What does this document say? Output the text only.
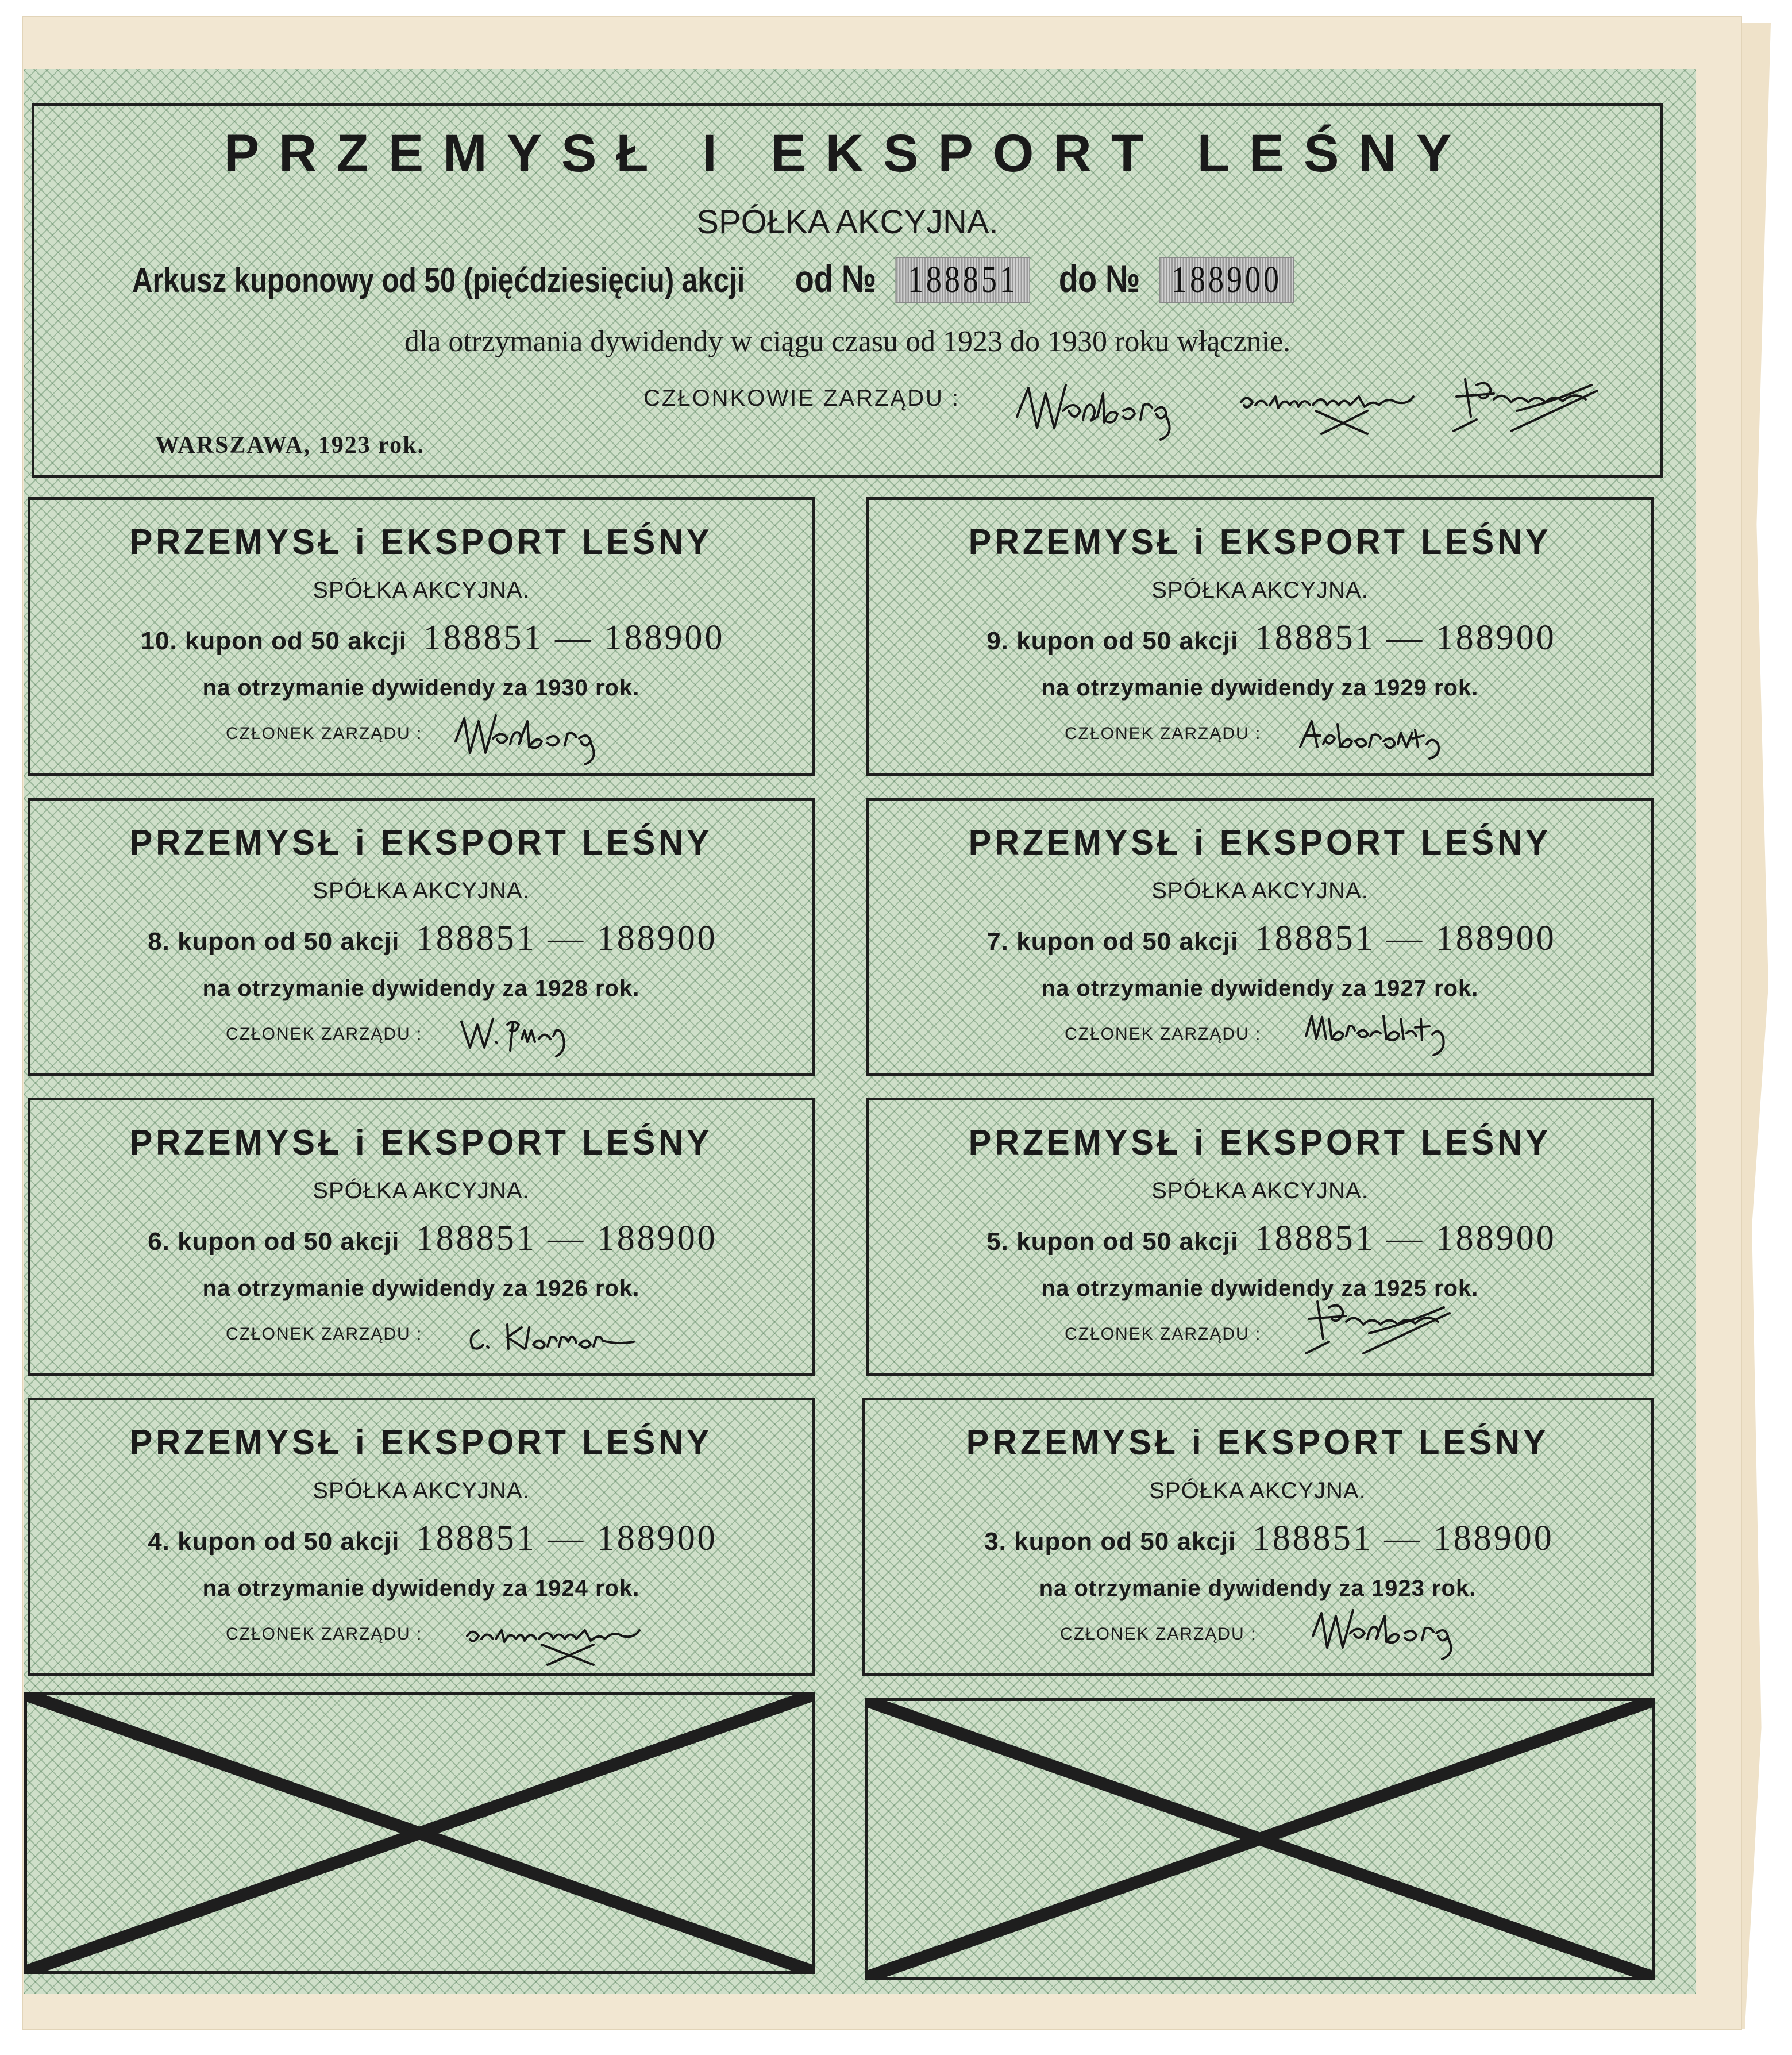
PRZEMYSŁ I EKSPORT LEŚNY
SPÓŁKA AKCYJNA.
Arkusz kuponowy od 50 (pięćdziesięciu) akcji od № 188851 do № 188900
dla otrzymania dywidendy w ciągu czasu od 1923 do 1930 roku włącznie.
CZŁONKOWIE ZARZĄDU :
WARSZAWA, 1923 rok.
PRZEMYSŁ i EKSPORT LEŚNY
SPÓŁKA AKCYJNA.
10. kupon od 50 akcji 188851 — 188900
na otrzymanie dywidendy za 1930 rok.
CZŁONEK ZARZĄDU :
PRZEMYSŁ i EKSPORT LEŚNY
SPÓŁKA AKCYJNA.
9. kupon od 50 akcji 188851 — 188900
na otrzymanie dywidendy za 1929 rok.
CZŁONEK ZARZĄDU :
PRZEMYSŁ i EKSPORT LEŚNY
SPÓŁKA AKCYJNA.
8. kupon od 50 akcji 188851 — 188900
na otrzymanie dywidendy za 1928 rok.
CZŁONEK ZARZĄDU :
PRZEMYSŁ i EKSPORT LEŚNY
SPÓŁKA AKCYJNA.
7. kupon od 50 akcji 188851 — 188900
na otrzymanie dywidendy za 1927 rok.
CZŁONEK ZARZĄDU :
PRZEMYSŁ i EKSPORT LEŚNY
SPÓŁKA AKCYJNA.
6. kupon od 50 akcji 188851 — 188900
na otrzymanie dywidendy za 1926 rok.
CZŁONEK ZARZĄDU :
PRZEMYSŁ i EKSPORT LEŚNY
SPÓŁKA AKCYJNA.
5. kupon od 50 akcji 188851 — 188900
na otrzymanie dywidendy za 1925 rok.
CZŁONEK ZARZĄDU :
PRZEMYSŁ i EKSPORT LEŚNY
SPÓŁKA AKCYJNA.
4. kupon od 50 akcji 188851 — 188900
na otrzymanie dywidendy za 1924 rok.
CZŁONEK ZARZĄDU :
PRZEMYSŁ i EKSPORT LEŚNY
SPÓŁKA AKCYJNA.
3. kupon od 50 akcji 188851 — 188900
na otrzymanie dywidendy za 1923 rok.
CZŁONEK ZARZĄDU :
